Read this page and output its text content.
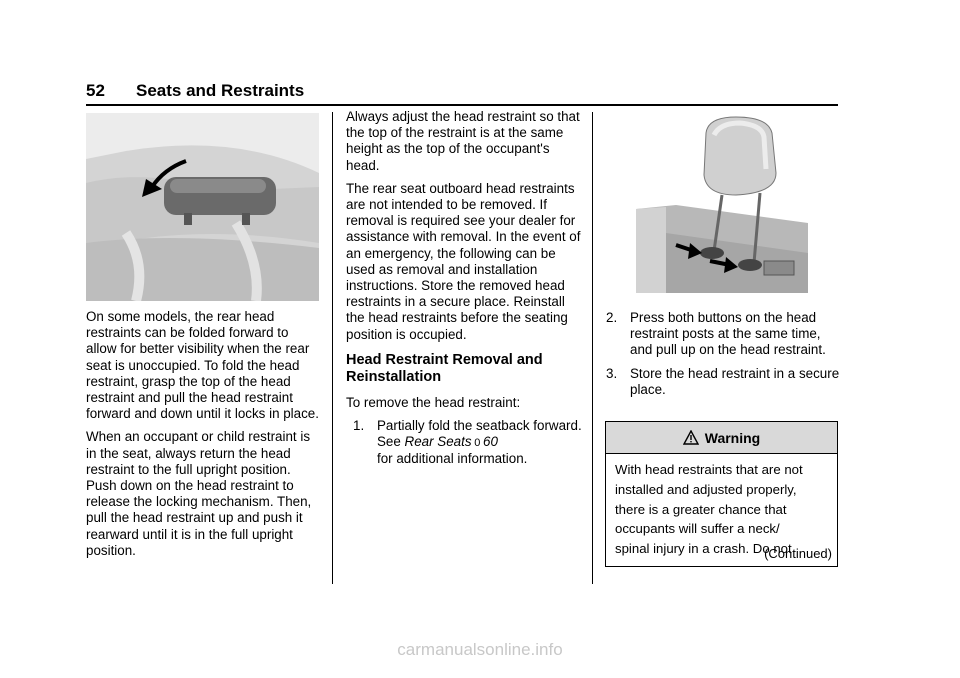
52 Seats and Restraints

On some models, the rear head restraints can be folded forward to allow for better visibility when the rear seat is unoccupied. To fold the head restraint, grasp the top of the head restraint and pull the head restraint forward and down until it locks in place.

When an occupant or child restraint is in the seat, always return the head restraint to the full upright position. Push down on the head restraint to release the locking mechanism. Then, pull the head restraint up and push it rearward until it is in the full upright position.

Always adjust the head restraint so that the top of the restraint is at the same height as the top of the occupant's head.

The rear seat outboard head restraints are not intended to be removed. If removal is required see your dealer for assistance with removal. In the event of an emergency, the following can be used as removal and installation instructions. Store the removed head restraints in a secure place. Reinstall the head restraints before the seating position is occupied.

Head Restraint Removal and Reinstallation

To remove the head restraint:

1. Partially fold the seatback forward. See Rear Seats  0  60
for additional information.
2. Press both buttons on the head restraint posts at the same time, and pull up on the head restraint.
3. Store the head restraint in a secure place.
Warning
With head restraints that are not
installed and adjusted properly,
there is a greater chance that
occupants will suffer a neck/
spinal injury in a crash. Do not
(Continued)
carmanualsonline.info
